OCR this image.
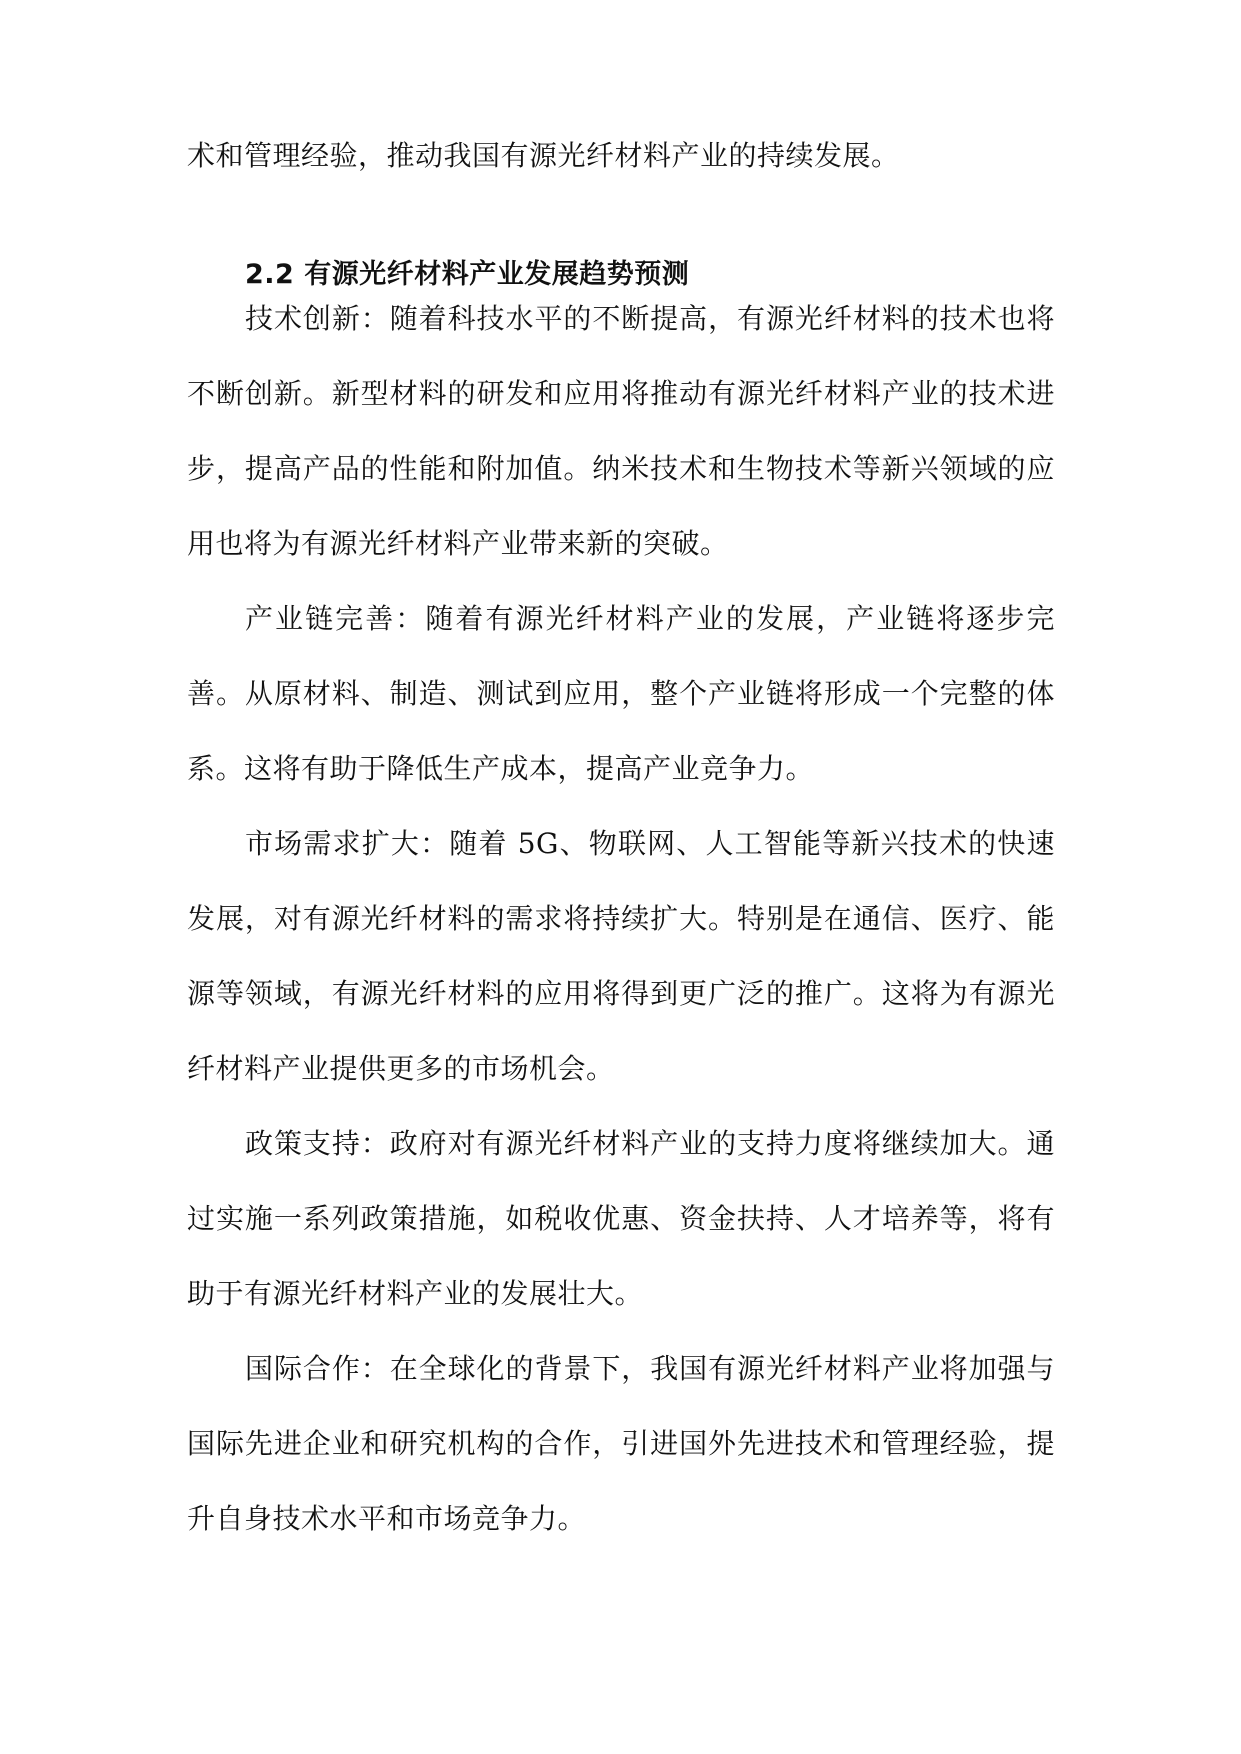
术和管理经验，推动我国有源光纤材料产业的持续发展。

2.2 有源光纤材料产业发展趋势预测

技术创新：随着科技水平的不断提高，有源光纤材料的技术也将不断创新。新型材料的研发和应用将推动有源光纤材料产业的技术进步，提高产品的性能和附加值。纳米技术和生物技术等新兴领域的应用也将为有源光纤材料产业带来新的突破。

产业链完善：随着有源光纤材料产业的发展，产业链将逐步完善。从原材料、制造、测试到应用，整个产业链将形成一个完整的体系。这将有助于降低生产成本，提高产业竞争力。

市场需求扩大：随着 5G、物联网、人工智能等新兴技术的快速发展，对有源光纤材料的需求将持续扩大。特别是在通信、医疗、能源等领域，有源光纤材料的应用将得到更广泛的推广。这将为有源光纤材料产业提供更多的市场机会。

政策支持：政府对有源光纤材料产业的支持力度将继续加大。通过实施一系列政策措施，如税收优惠、资金扶持、人才培养等，将有助于有源光纤材料产业的发展壮大。

国际合作：在全球化的背景下，我国有源光纤材料产业将加强与国际先进企业和研究机构的合作，引进国外先进技术和管理经验，提升自身技术水平和市场竞争力。
